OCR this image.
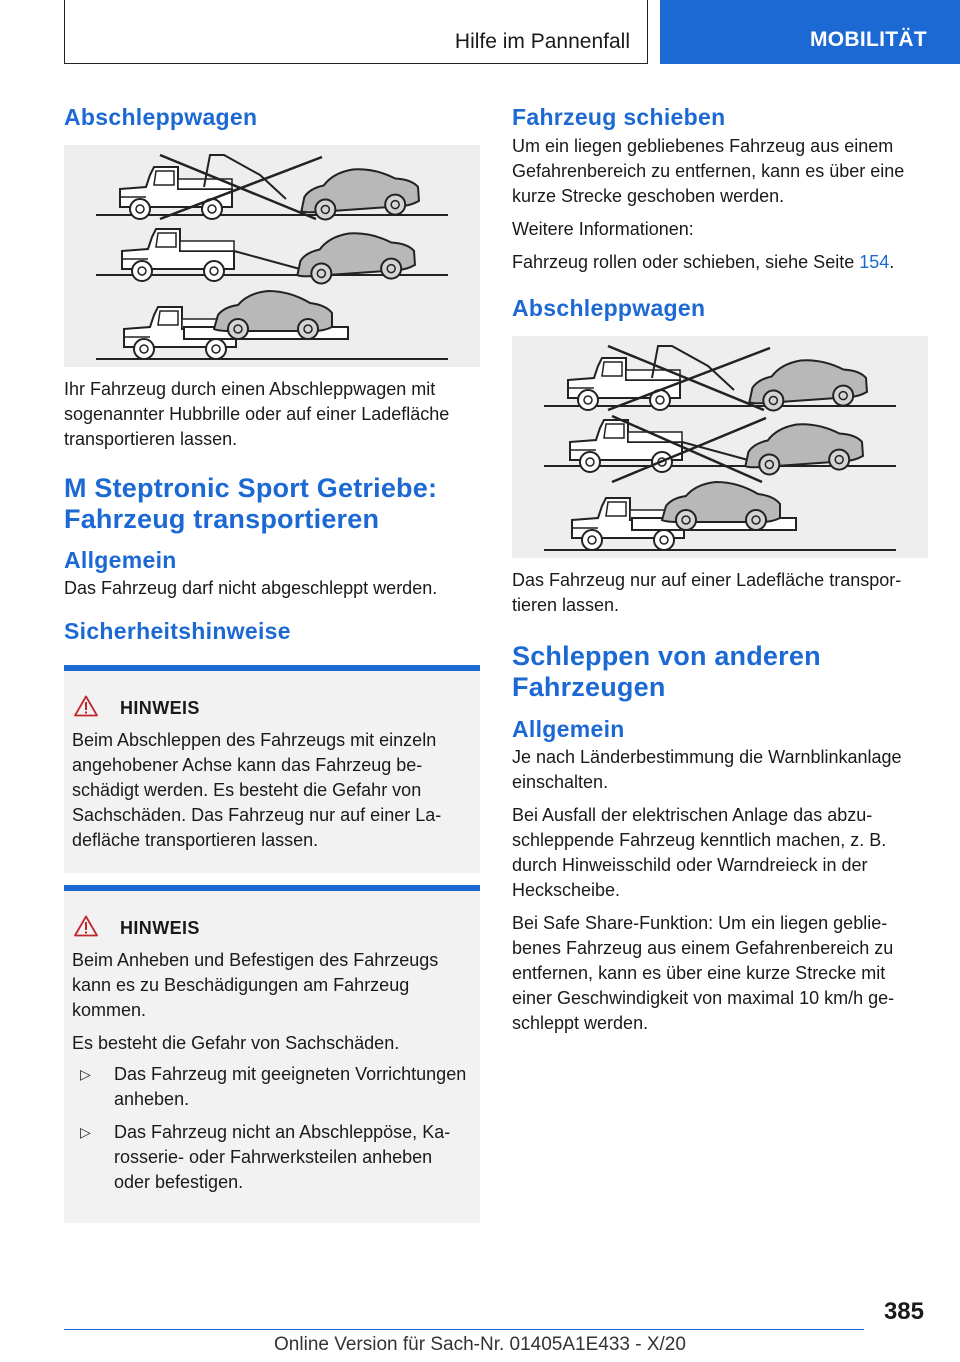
Hilfe im Pannenfall	MOBILITÄT
Abschleppwagen

Ihr Fahrzeug durch einen Abschleppwagen mit sogenannter Hubbrille oder auf einer Ladefläche transportieren lassen.

M Steptronic Sport Getriebe: Fahrzeug transportieren
Allgemein

Das Fahrzeug darf nicht abgeschleppt werden.

Sicherheitshinweise
HINWEIS

Beim Abschleppen des Fahrzeugs mit einzeln angehobener Achse kann das Fahrzeug beschädigt werden. Es besteht die Gefahr von Sachschäden. Das Fahrzeug nur auf einer Ladefläche transportieren lassen.

HINWEIS

Beim Anheben und Befestigen des Fahrzeugs kann es zu Beschädigungen am Fahrzeug kommen.

Es besteht die Gefahr von Sachschäden.

▷	Das Fahrzeug mit geeigneten Vorrichtungen anheben.
▷	Das Fahrzeug nicht an Abschleppöse, Karosserie- oder Fahrwerksteilen anheben oder befestigen.
Fahrzeug schieben

Um ein liegen gebliebenes Fahrzeug aus einem Gefahrenbereich zu entfernen, kann es über eine kurze Strecke geschoben werden.

Weitere Informationen:

Fahrzeug rollen oder schieben, siehe Seite 154.

Abschleppwagen

Das Fahrzeug nur auf einer Ladefläche transportieren lassen.

Schleppen von anderen Fahrzeugen
Allgemein

Je nach Länderbestimmung die Warnblinkanlage einschalten.

Bei Ausfall der elektrischen Anlage das abzuschleppende Fahrzeug kenntlich machen, z. B. durch Hinweisschild oder Warndreieck in der Heckscheibe.

Bei Safe Share-Funktion: Um ein liegen gebliebenes Fahrzeug aus einem Gefahrenbereich zu entfernen, kann es über eine kurze Strecke mit einer Geschwindigkeit von maximal 10 km/h geschleppt werden.

385
Online Version für Sach-Nr. 01405A1E433 - X/20
